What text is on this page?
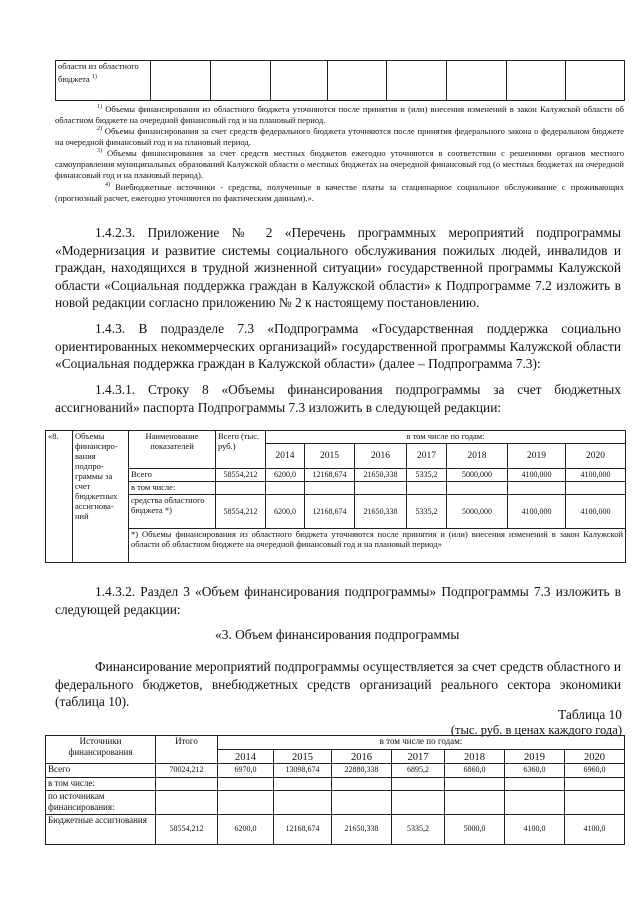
области из областного бюджета $^{1)}$								
$^{1)}$ Объемы финансирования из областного бюджета уточняются после принятия и (или) внесения изменений в закон Калужской области об областном бюджете на очередной финансовый год и на плановый период.
$^{2)}$ Объемы финансирования за счет средств федерального бюджета уточняются после принятия федерального закона о федеральном бюджете на очередной финансовый год и на плановый период.
$^{3)}$ Объемы финансирования за счет средств местных бюджетов ежегодно уточняются в соответствии с решениями органов местного самоуправления муниципальных образований Калужской области о местных бюджетах на очередной финансовый год (о местных бюджетах на очередной финансовый год и на плановый период).
$^{4)}$ Внебюджетные источники - средства, полученные в качестве платы за стационарное социальное обслуживание с проживающих (прогнозный расчет, ежегодно уточняются по фактическим данным).».
1.4.2.3. Приложение № 2 «Перечень программных мероприятий подпрограммы «Модернизация и развитие системы социального обслуживания пожилых людей, инвалидов и граждан, находящихся в трудной жизненной ситуации» государственной программы Калужской области «Социальная поддержка граждан в Калужской области» к Подпрограмме 7.2 изложить в новой редакции согласно приложению № 2 к настоящему постановлению.
1.4.3. В подразделе 7.3 «Подпрограмма «Государственная поддержка социально ориентированных некоммерческих организаций» государственной программы Калужской области «Социальная поддержка граждан в Калужской области» (далее – Подпрограмма 7.3):
1.4.3.1. Строку 8 «Объемы финансирования подпрограммы за счет бюджетных ассигнований» паспорта Подпрограммы 7.3 изложить в следующей редакции:
«8.	Объемы финансиро-вания подпро-граммы за счет бюджетных ассигнова-ний	Наименование показателей	Всего (тыс. руб.)	в том числе по годам:						
				2014	2015	2016	2017	2018	2019	2020
		Всего	58554,212	6200,0	12168,674	21650,338	5335,2	5000,000	4100,000	4100,000
		в том числе:								
		средства областного бюджета *)	58554,212	6200,0	12168,674	21650,338	5335,2	5000,000	4100,000	4100,000
		*) Объемы финансирования из областного бюджета уточняются после принятия и (или) внесения изменений в закон Калужской области об областном бюджете на очередной финансовый год и на плановый период»								
1.4.3.2. Раздел 3 «Объем финансирования подпрограммы» Подпрограммы 7.3 изложить в следующей редакции:
«3. Объем финансирования подпрограммы
Финансирование мероприятий подпрограммы осуществляется за счет средств областного и федерального бюджетов, внебюджетных средств организаций реального сектора экономики (таблица 10).
Таблица 10
(тыс. руб. в ценах каждого года)
Источники финансирования	Итого	в том числе по годам:						
		2014	2015	2016	2017	2018	2019	2020
Всего	70024,212	6970,0	13098,674	22880,338	6895,2	6860,0	6360,0	6960,0
в том числе:								
по источникам финансирования:								
Бюджетные ассигнования	58554,212	6200,0	12168,674	21650,338	5335,2	5000,0	4100,0	4100,0
